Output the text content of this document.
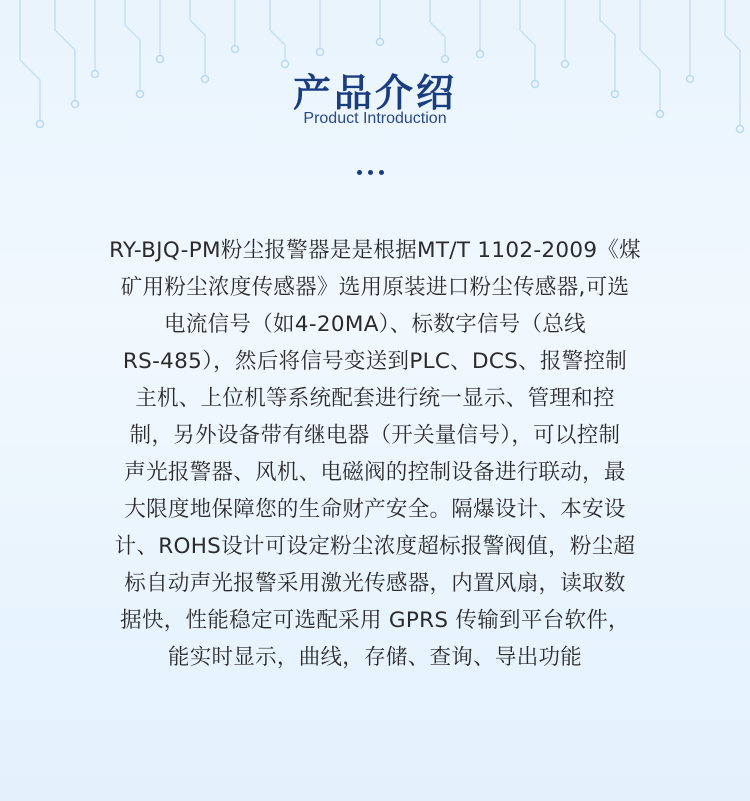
产品介绍
Product Introduction
RY-BJQ-PM粉尘报警器是是根据MT/T 1102-2009《煤
矿用粉尘浓度传感器》选用原装进口粉尘传感器,可选
电流信号（如4-20MA）、标数字信号（总线
RS-485），然后将信号变送到PLC、DCS、报警控制
主机、上位机等系统配套进行统一显示、管理和控
制，另外设备带有继电器（开关量信号），可以控制
声光报警器、风机、电磁阀的控制设备进行联动，最
大限度地保障您的生命财产安全。隔爆设计、本安设
计、ROHS设计可设定粉尘浓度超标报警阀值，粉尘超
标自动声光报警采用激光传感器，内置风扇，读取数
据快，性能稳定可选配采用 GPRS 传输到平台软件，
能实时显示，曲线，存储、查询、导出功能
